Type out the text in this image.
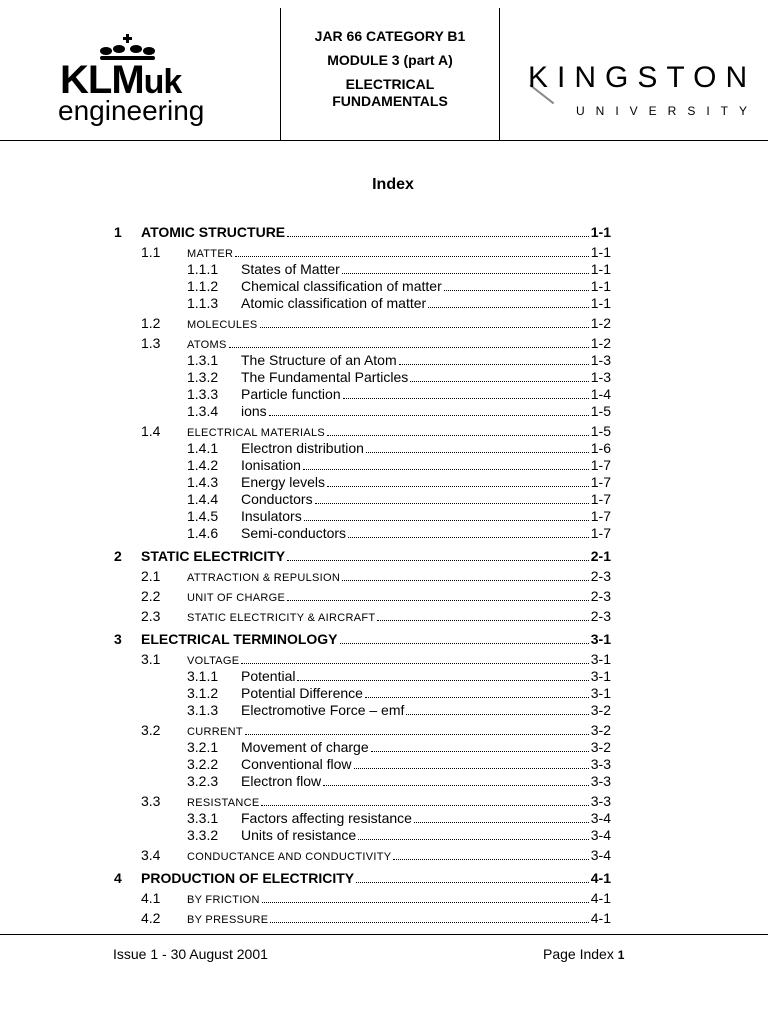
KLMuk
engineering
JAR 66 CATEGORY B1
MODULE 3 (part A)
ELECTRICAL
FUNDAMENTALS
KINGSTON
UNIVERSITY
Index
1 ATOMIC STRUCTURE	1-1
1.1 MATTER	1-1
1.1.1 States of Matter	1-1
1.1.2 Chemical classification of matter	1-1
1.1.3 Atomic classification of matter	1-1
1.2 MOLECULES	1-2
1.3 ATOMS	1-2
1.3.1 The Structure of an Atom	1-3
1.3.2 The Fundamental Particles	1-3
1.3.3 Particle function	1-4
1.3.4 ions	1-5
1.4 ELECTRICAL MATERIALS	1-5
1.4.1 Electron distribution	1-6
1.4.2 Ionisation	1-7
1.4.3 Energy levels	1-7
1.4.4 Conductors	1-7
1.4.5 Insulators	1-7
1.4.6 Semi-conductors	1-7
2 STATIC ELECTRICITY	2-1
2.1 ATTRACTION & REPULSION	2-3
2.2 UNIT OF CHARGE	2-3
2.3 STATIC ELECTRICITY & AIRCRAFT	2-3
3 ELECTRICAL TERMINOLOGY	3-1
3.1 VOLTAGE	3-1
3.1.1 Potential	3-1
3.1.2 Potential Difference	3-1
3.1.3 Electromotive Force – emf	3-2
3.2 CURRENT	3-2
3.2.1 Movement of charge	3-2
3.2.2 Conventional flow	3-3
3.2.3 Electron flow	3-3
3.3 RESISTANCE	3-3
3.3.1 Factors affecting resistance	3-4
3.3.2 Units of resistance	3-4
3.4 CONDUCTANCE AND CONDUCTIVITY	3-4
4 PRODUCTION OF ELECTRICITY	4-1
4.1 BY FRICTION	4-1
4.2 BY PRESSURE	4-1
Issue 1 - 30 August 2001	Page Index 1
